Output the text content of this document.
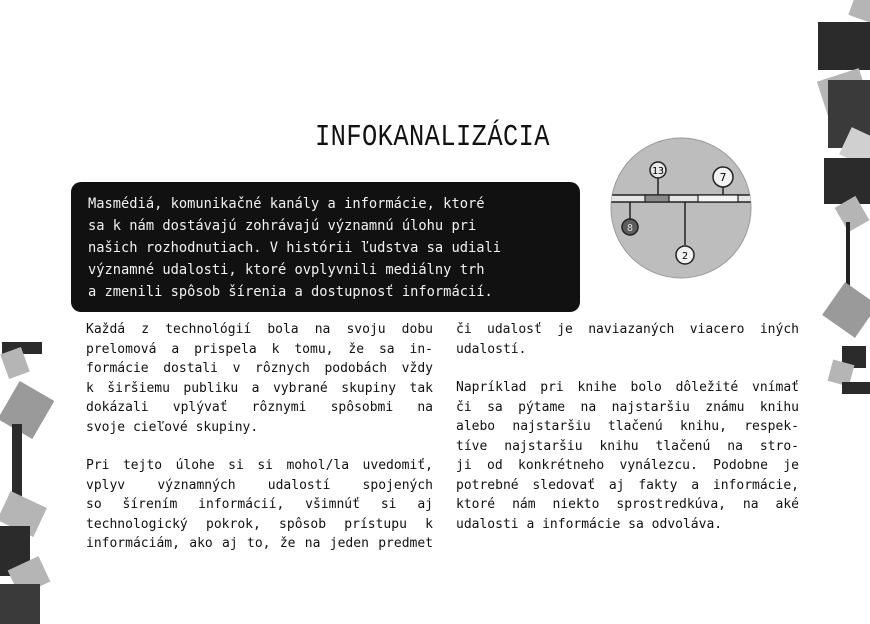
INFOKANALIZÁCIA
Masmédiá, komunikačné kanály a informácie, ktoré
sa k nám dostávajú zohrávajú významnú úlohu pri
našich rozhodnutiach. V histórii ľudstva sa udiali
významné udalosti, ktoré ovplyvnili mediálny trh
a zmenili spôsob šírenia a dostupnosť informácií.
13	7
8
2
Každá z technológií bola na svoju dobu
prelomová a prispela k tomu, že sa in-
formácie dostali v rôznych podobách vždy
k širšiemu publiku a vybrané skupiny tak
dokázali vplývať rôznymi spôsobmi na
svoje cieľové skupiny.
Pri tejto úlohe si si mohol/la uvedomiť,
vplyv významných udalostí spojených
so šírením informácií, všimnúť si aj
technologický pokrok, spôsob prístupu k
informáciám, ako aj to, že na jeden predmet
či udalosť je naviazaných viacero iných
udalostí.
Napríklad pri knihe bolo dôležité vnímať
či sa pýtame na najstaršiu známu knihu
alebo najstaršiu tlačenú knihu, respek-
tíve najstaršiu knihu tlačenú na stro-
ji od konkrétneho vynálezcu. Podobne je
potrebné sledovať aj fakty a informácie,
ktoré nám niekto sprostredkúva, na aké
udalosti a informácie sa odvoláva.
